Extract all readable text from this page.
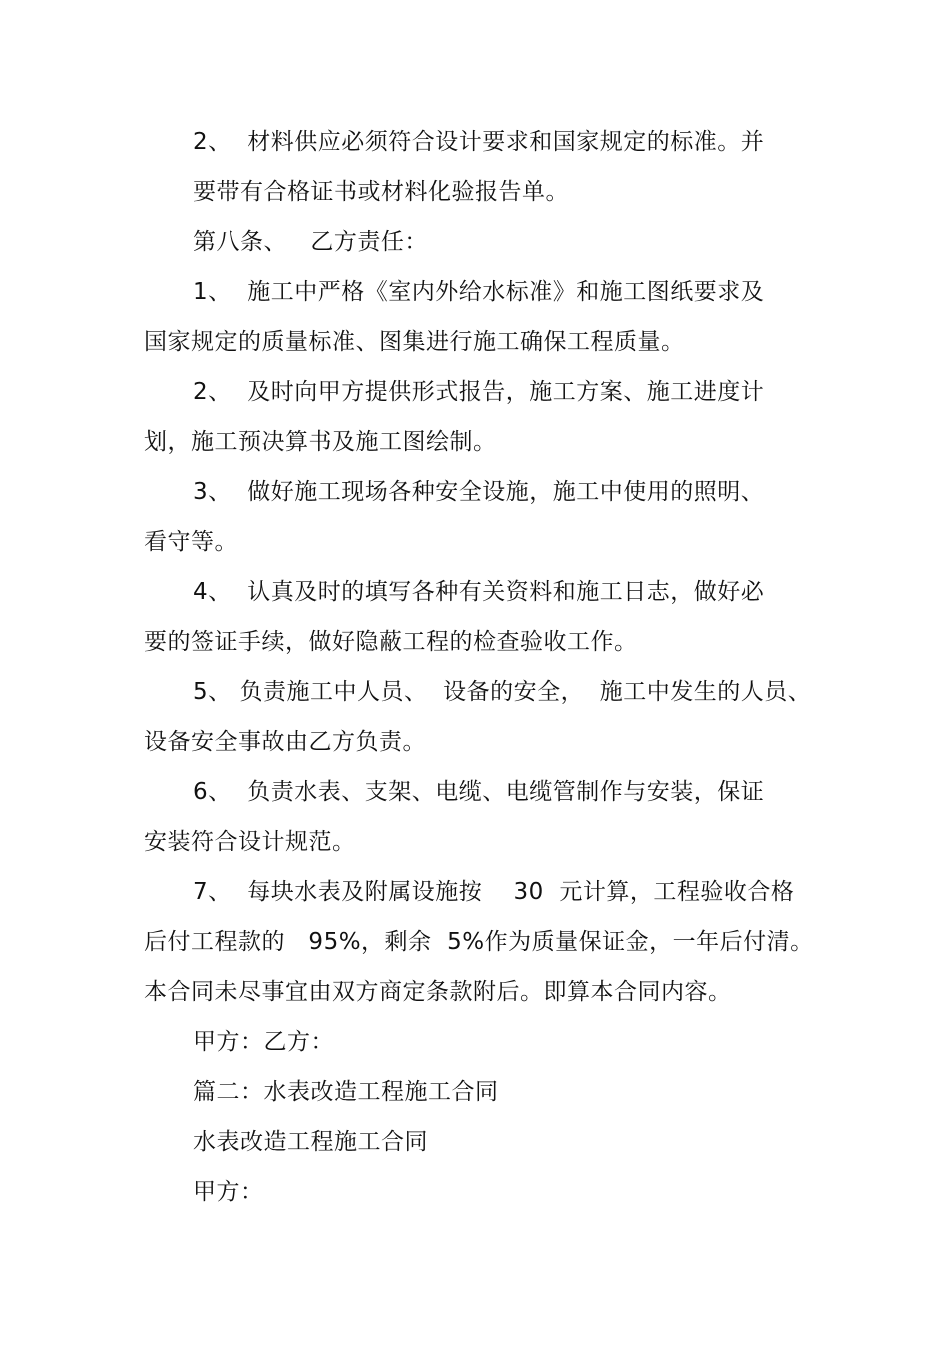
2、  材料供应必须符合设计要求和国家规定的标准。并
要带有合格证书或材料化验报告单。
第八条、   乙方责任：
1、  施工中严格《室内外给水标准》和施工图纸要求及
国家规定的质量标准、图集进行施工确保工程质量。
2、  及时向甲方提供形式报告，施工方案、施工进度计
划，施工预决算书及施工图绘制。
3、  做好施工现场各种安全设施，施工中使用的照明、
看守等。
4、  认真及时的填写各种有关资料和施工日志，做好必
要的签证手续，做好隐蔽工程的检查验收工作。
5、 负责施工中人员、  设备的安全，  施工中发生的人员、
设备安全事故由乙方负责。
6、  负责水表、支架、电缆、电缆管制作与安装，保证
安装符合设计规范。
7、  每块水表及附属设施按    30  元计算，工程验收合格
后付工程款的   95%，剩余  5%作为质量保证金，一年后付清。
本合同未尽事宜由双方商定条款附后。即算本合同内容。
甲方：乙方：
篇二：水表改造工程施工合同
水表改造工程施工合同
甲方：
